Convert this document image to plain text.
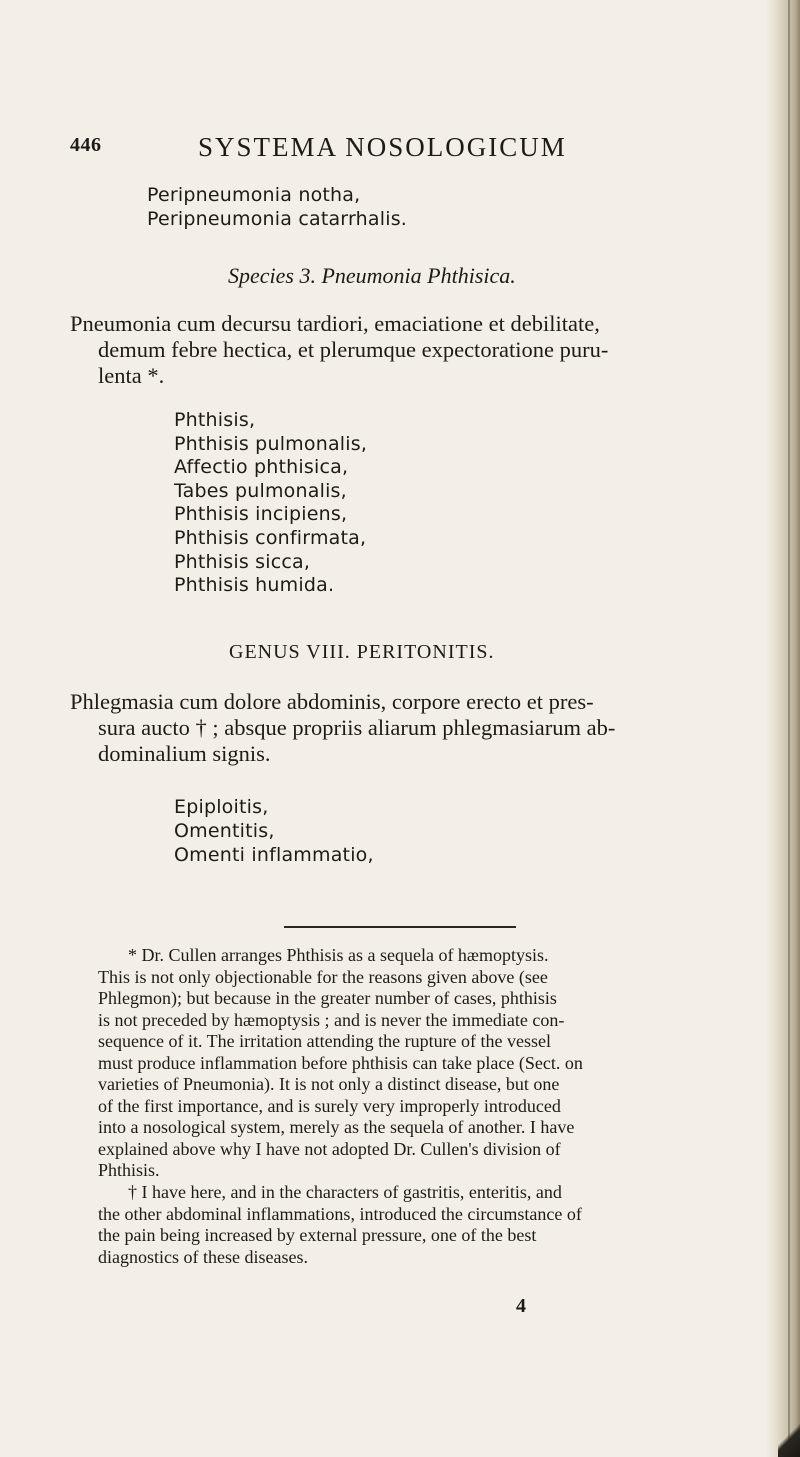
446	SYSTEMA NOSOLOGICUM
Peripneumonia notha,
Peripneumonia catarrhalis.
Species 3. Pneumonia Phthisica.
Pneumonia cum decursu tardiori, emaciatione et debilitate,
demum febre hectica, et plerumque expectoratione puru-
lenta *.
Phthisis,
Phthisis pulmonalis,
Affectio phthisica,
Tabes pulmonalis,
Phthisis incipiens,
Phthisis confirmata,
Phthisis sicca,
Phthisis humida.
GENUS VIII. PERITONITIS.
Phlegmasia cum dolore abdominis, corpore erecto et pres-
sura aucto † ; absque propriis aliarum phlegmasiarum ab-
dominalium signis.
Epiploitis,
Omentitis,
Omenti inflammatio,
* Dr. Cullen arranges Phthisis as a sequela of hæmoptysis.
This is not only objectionable for the reasons given above (see
Phlegmon); but because in the greater number of cases, phthisis
is not preceded by hæmoptysis ; and is never the immediate con-
sequence of it. The irritation attending the rupture of the vessel
must produce inflammation before phthisis can take place (Sect. on
varieties of Pneumonia). It is not only a distinct disease, but one
of the first importance, and is surely very improperly introduced
into a nosological system, merely as the sequela of another. I have
explained above why I have not adopted Dr. Cullen's division of
Phthisis.
† I have here, and in the characters of gastritis, enteritis, and
the other abdominal inflammations, introduced the circumstance of
the pain being increased by external pressure, one of the best
diagnostics of these diseases.
4
